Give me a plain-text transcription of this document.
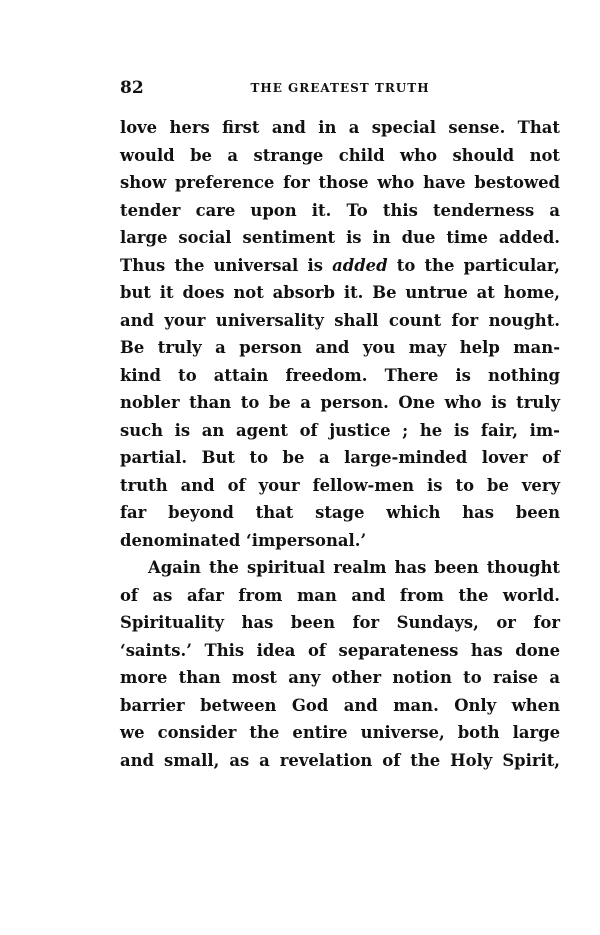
82	THE GREATEST TRUTH
love hers first and in a special sense. That
would be a strange child who should not
show preference for those who have bestowed
tender care upon it. To this tenderness a
large social sentiment is in due time added.
Thus the universal is added to the particular,
but it does not absorb it. Be untrue at home,
and your universality shall count for nought.
Be truly a person and you may help man-
kind to attain freedom. There is nothing
nobler than to be a person. One who is truly
such is an agent of justice ; he is fair, im-
partial. But to be a large-minded lover of
truth and of your fellow-men is to be very
far beyond that stage which has been
denominated ‘impersonal.’
Again the spiritual realm has been thought
of as afar from man and from the world.
Spirituality has been for Sundays, or for
‘saints.’ This idea of separateness has done
more than most any other notion to raise a
barrier between God and man. Only when
we consider the entire universe, both large
and small, as a revelation of the Holy Spirit,
